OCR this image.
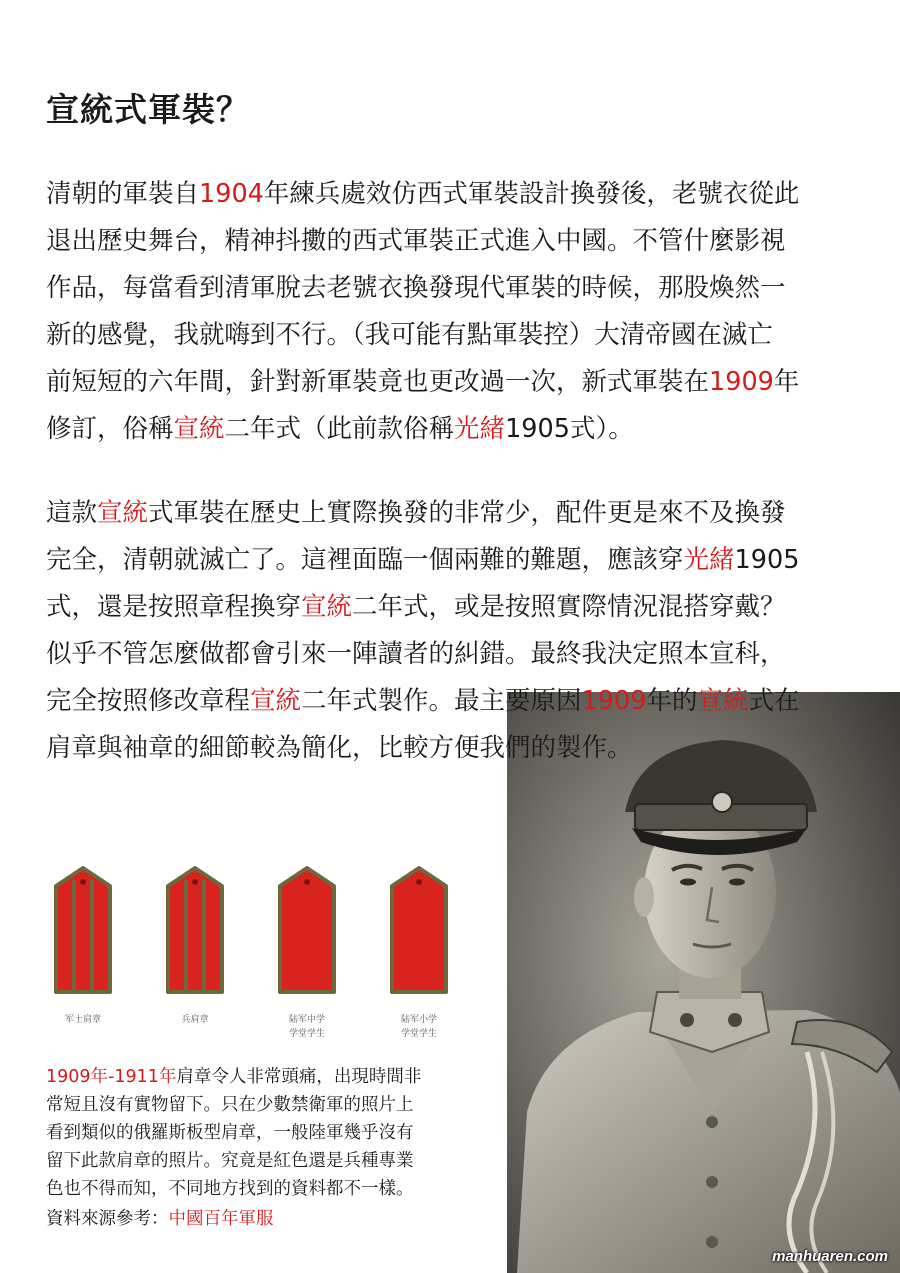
宣統式軍裝？

清朝的軍裝自1904年練兵處效仿西式軍裝設計換發後，老號衣從此
退出歷史舞台，精神抖擻的西式軍裝正式進入中國。不管什麼影視
作品，每當看到清軍脫去老號衣換發現代軍裝的時候，那股煥然一
新的感覺，我就嗨到不行。（我可能有點軍裝控）大清帝國在滅亡
前短短的六年間，針對新軍裝竟也更改過一次，新式軍裝在1909年
修訂，俗稱宣統二年式（此前款俗稱光緒1905式）。

這款宣統式軍裝在歷史上實際換發的非常少，配件更是來不及換發
完全，清朝就滅亡了。這裡面臨一個兩難的難題，應該穿光緒1905
式，還是按照章程換穿宣統二年式，或是按照實際情況混搭穿戴？
似乎不管怎麼做都會引來一陣讀者的糾錯。最終我決定照本宣科，
完全按照修改章程宣統二年式製作。最主要原因1909年的宣統式在
肩章與袖章的細節較為簡化，比較方便我們的製作。

manhuaren.com
军士肩章	兵肩章	陆军中学
学堂学生
陆军小学
学堂学生

1909年-1911年肩章令人非常頭痛，出現時間非
常短且沒有實物留下。只在少數禁衛軍的照片上
看到類似的俄羅斯板型肩章，一般陸軍幾乎沒有
留下此款肩章的照片。究竟是紅色還是兵種專業
色也不得而知，不同地方找到的資料都不一樣。

資料來源參考：中國百年軍服
